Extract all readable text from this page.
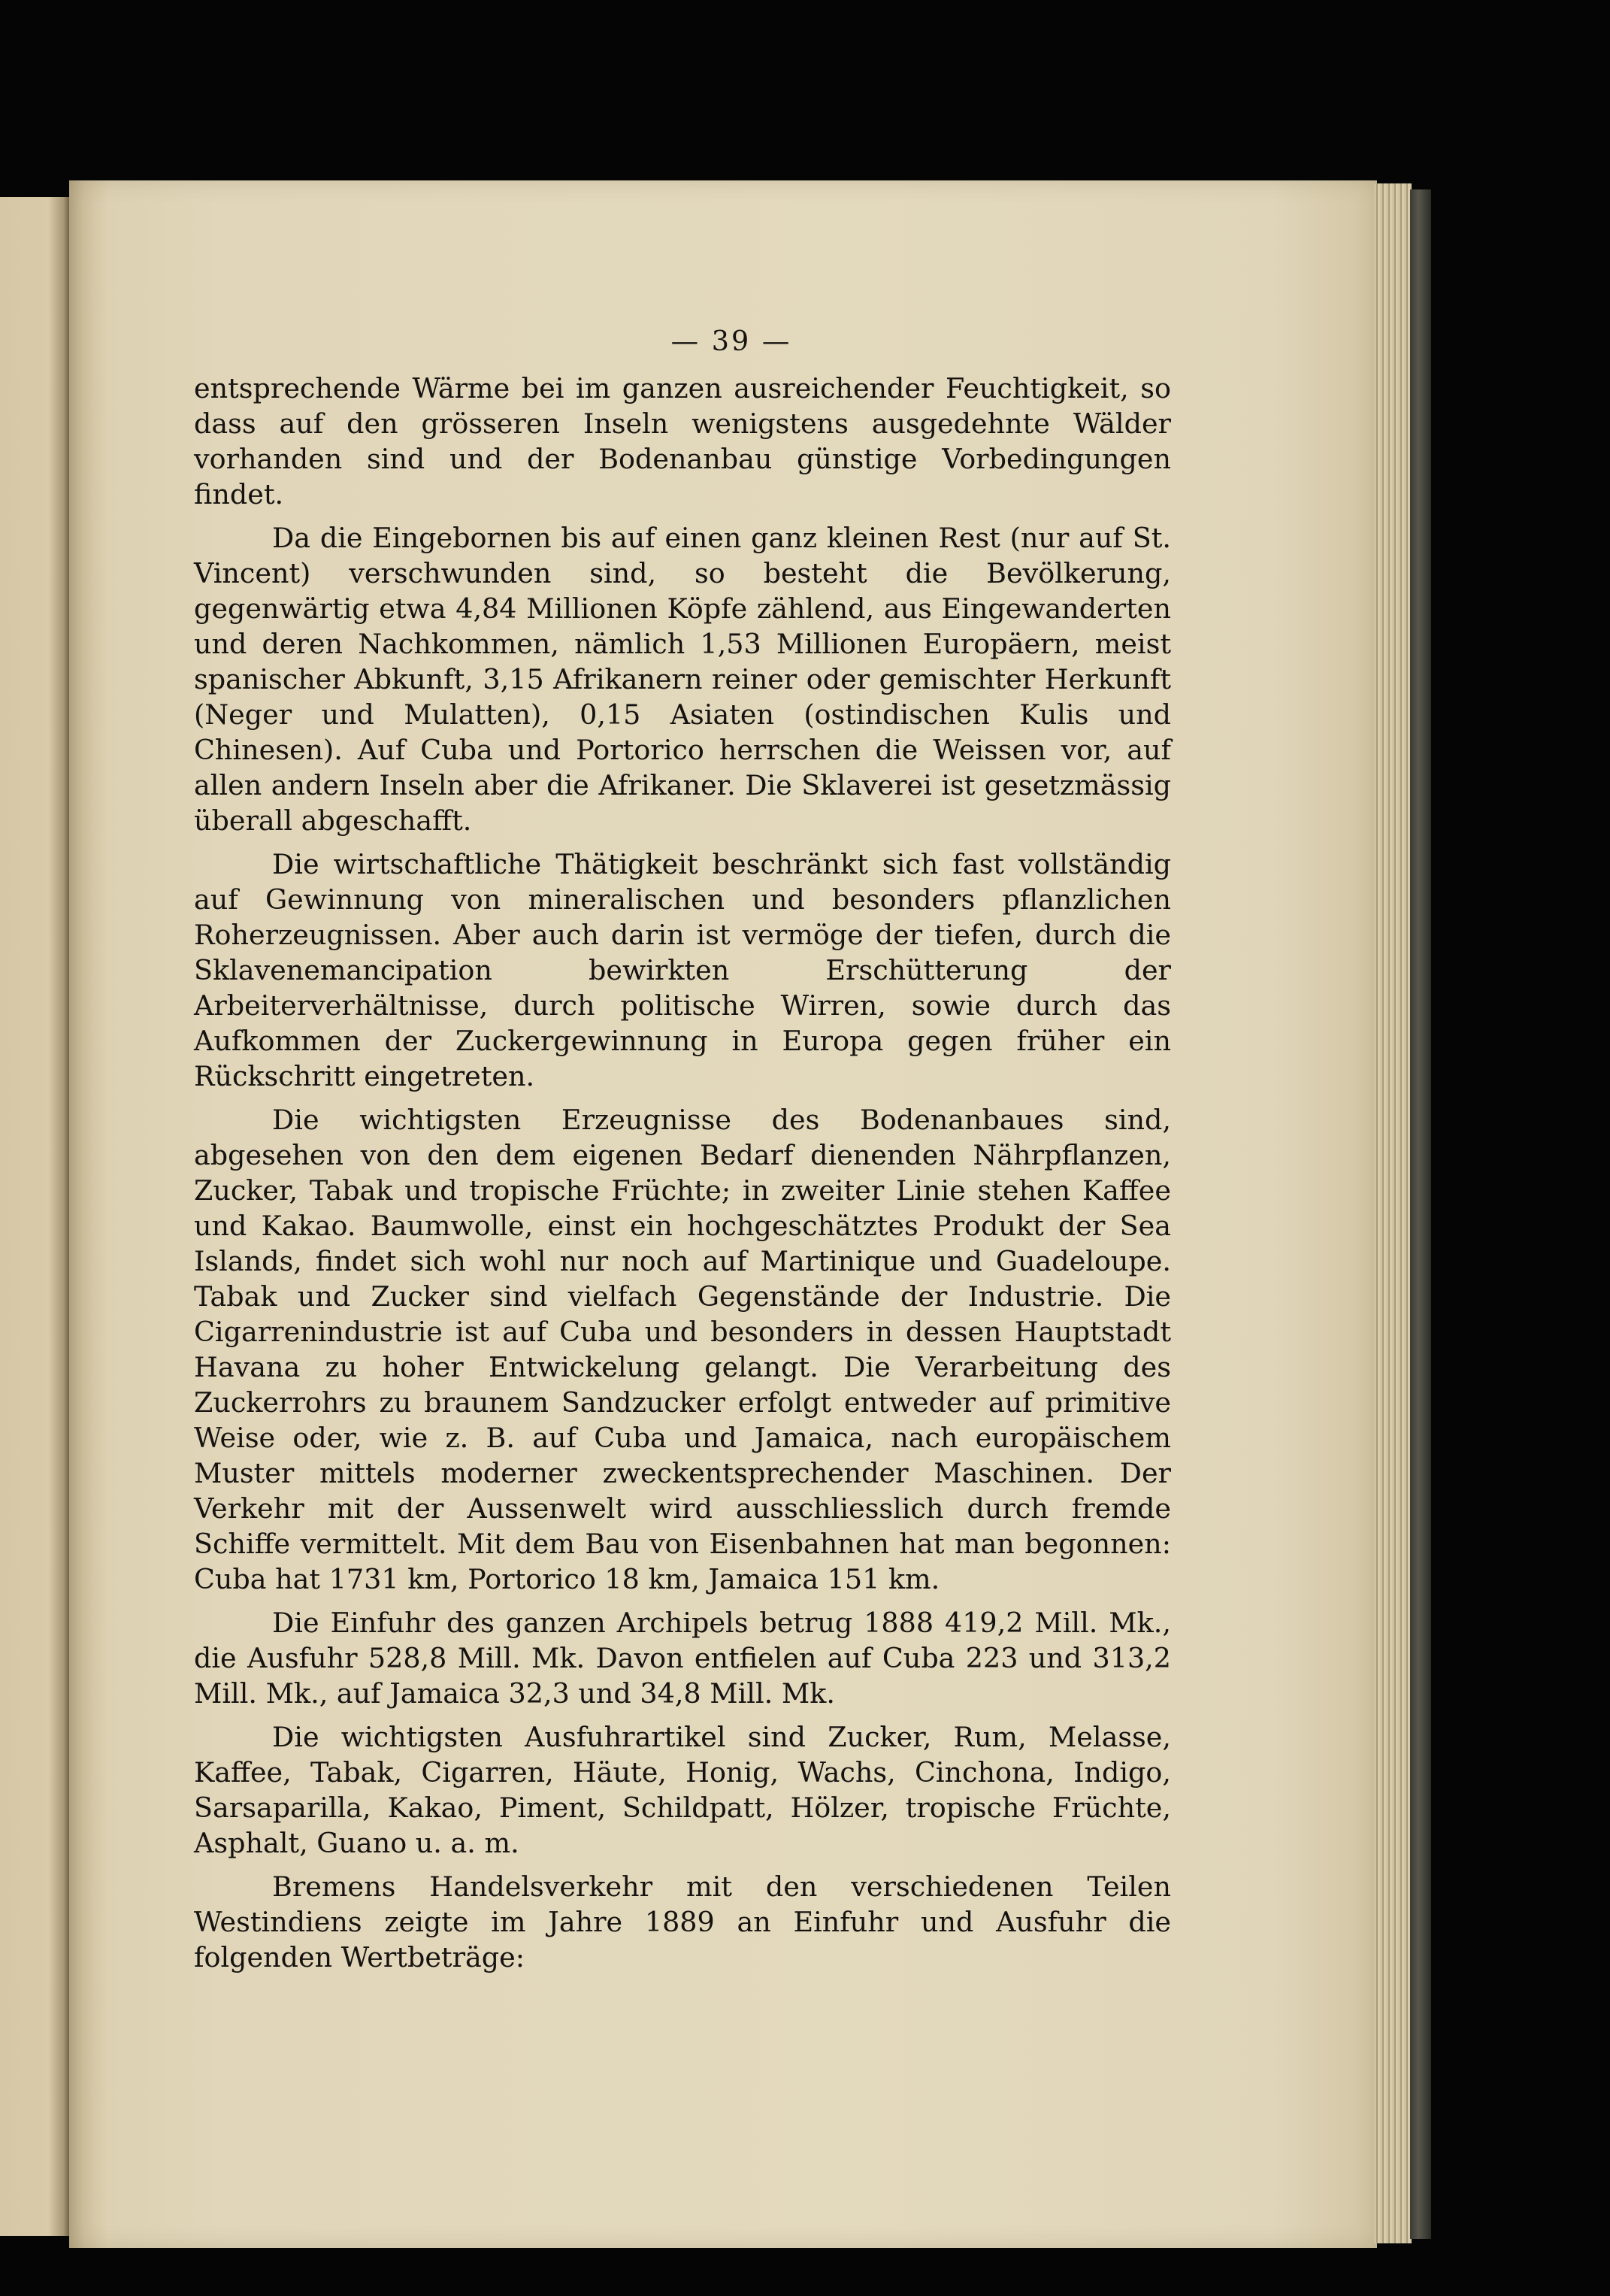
— 39 —

entsprechende Wärme bei im ganzen ausreichender Feuchtigkeit, so dass auf den grösseren Inseln wenigstens ausgedehnte Wälder vorhanden sind und der Bodenanbau günstige Vorbedingungen findet.

Da die Eingebornen bis auf einen ganz kleinen Rest (nur auf St. Vincent) verschwunden sind, so besteht die Bevölkerung, gegenwärtig etwa 4,84 Millionen Köpfe zählend, aus Eingewanderten und deren Nachkommen, nämlich 1,53 Millionen Europäern, meist spanischer Abkunft, 3,15 Afrikanern reiner oder gemischter Herkunft (Neger und Mulatten), 0,15 Asiaten (ostindischen Kulis und Chinesen). Auf Cuba und Portorico herrschen die Weissen vor, auf allen andern Inseln aber die Afrikaner. Die Sklaverei ist gesetzmässig überall abgeschafft.

Die wirtschaftliche Thätigkeit beschränkt sich fast vollständig auf Gewinnung von mineralischen und besonders pflanzlichen Roherzeugnissen. Aber auch darin ist vermöge der tiefen, durch die Sklavenemancipation bewirkten Erschütterung der Arbeiterverhältnisse, durch politische Wirren, sowie durch das Aufkommen der Zuckergewinnung in Europa gegen früher ein Rückschritt eingetreten.

Die wichtigsten Erzeugnisse des Bodenanbaues sind, abgesehen von den dem eigenen Bedarf dienenden Nährpflanzen, Zucker, Tabak und tropische Früchte; in zweiter Linie stehen Kaffee und Kakao. Baumwolle, einst ein hochgeschätztes Produkt der Sea Islands, findet sich wohl nur noch auf Martinique und Guadeloupe. Tabak und Zucker sind vielfach Gegenstände der Industrie. Die Cigarrenindustrie ist auf Cuba und besonders in dessen Hauptstadt Havana zu hoher Entwickelung gelangt. Die Verarbeitung des Zuckerrohrs zu braunem Sandzucker erfolgt entweder auf primitive Weise oder, wie z. B. auf Cuba und Jamaica, nach europäischem Muster mittels moderner zweckentsprechender Maschinen. Der Verkehr mit der Aussenwelt wird ausschliesslich durch fremde Schiffe vermittelt. Mit dem Bau von Eisenbahnen hat man begonnen: Cuba hat 1731 km, Portorico 18 km, Jamaica 151 km.

Die Einfuhr des ganzen Archipels betrug 1888 419,2 Mill. Mk., die Ausfuhr 528,8 Mill. Mk. Davon entfielen auf Cuba 223 und 313,2 Mill. Mk., auf Jamaica 32,3 und 34,8 Mill. Mk.

Die wichtigsten Ausfuhrartikel sind Zucker, Rum, Melasse, Kaffee, Tabak, Cigarren, Häute, Honig, Wachs, Cinchona, Indigo, Sarsaparilla, Kakao, Piment, Schildpatt, Hölzer, tropische Früchte, Asphalt, Guano u. a. m.

Bremens Handelsverkehr mit den verschiedenen Teilen Westindiens zeigte im Jahre 1889 an Einfuhr und Ausfuhr die folgenden Wertbeträge:
